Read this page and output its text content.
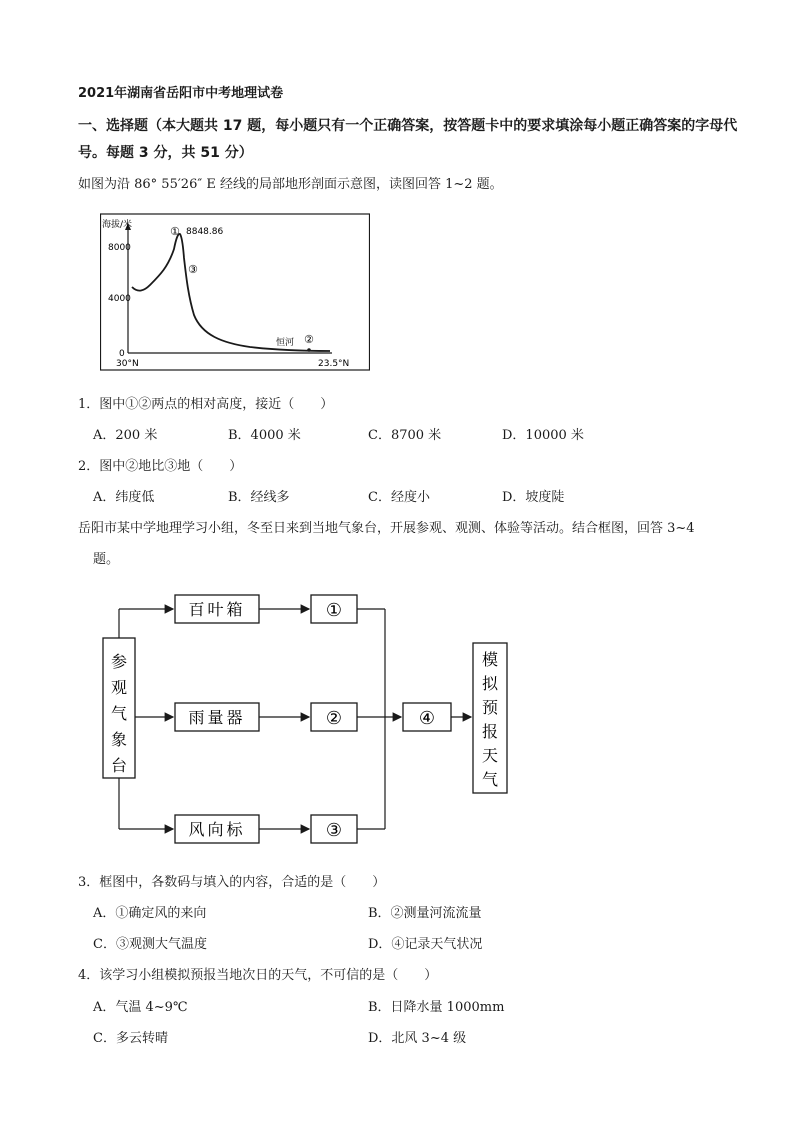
2021年湖南省岳阳市中考地理试卷
一、选择题（本大题共 17 题，每小题只有一个正确答案，按答题卡中的要求填涂每小题正确答案的字母代
号。每题 3 分，共 51 分）
如图为沿 86° 55′26″ E 经线的局部地形剖面示意图，读图回答 1~2 题。
海拔/米
8000
4000
0
30°N	23.5°N
① 8848.86
③
恒河 ②
1．图中①②两点的相对高度，接近（　　）
A．200 米	B．4000 米	C．8700 米	D．10000 米
2．图中②地比③地（　　）
A．纬度低	B．经线多	C．经度小	D．坡度陡
岳阳市某中学地理学习小组，冬至日来到当地气象台，开展参观、观测、体验等活动。结合框图，回答 3~4
题。
参
观
气
象
台
百叶箱
雨量器
风向标
①
②
③
④
模
拟
预
报
天
气
3．框图中，各数码与填入的内容，合适的是（　　）
A．①确定风的来向	B．②测量河流流量
C．③观测大气温度	D．④记录天气状况
4．该学习小组模拟预报当地次日的天气，不可信的是（　　）
A．气温 4~9℃	B．日降水量 1000mm
C．多云转晴	D．北风 3~4 级
